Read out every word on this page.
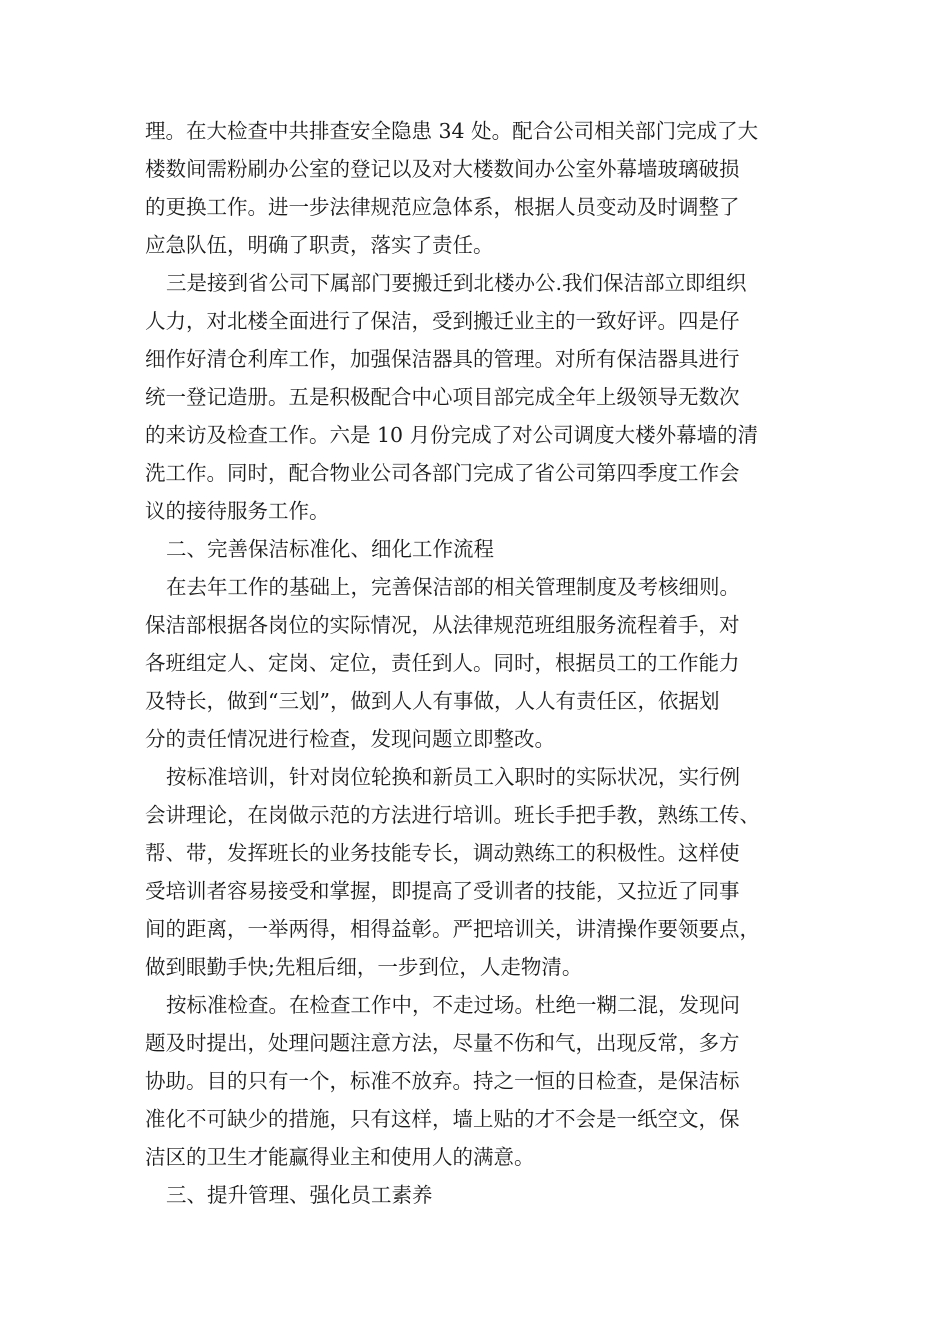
理。在大检查中共排查安全隐患 34 处。配合公司相关部门完成了大
楼数间需粉刷办公室的登记以及对大楼数间办公室外幕墙玻璃破损
的更换工作。进一步法律规范应急体系，根据人员变动及时调整了
应急队伍，明确了职责，落实了责任。
三是接到省公司下属部门要搬迁到北楼办公.我们保洁部立即组织
人力，对北楼全面进行了保洁，受到搬迁业主的一致好评。四是仔
细作好清仓利库工作，加强保洁器具的管理。对所有保洁器具进行
统一登记造册。五是积极配合中心项目部完成全年上级领导无数次
的来访及检查工作。六是 10 月份完成了对公司调度大楼外幕墙的清
洗工作。同时，配合物业公司各部门完成了省公司第四季度工作会
议的接待服务工作。
二、完善保洁标准化、细化工作流程
在去年工作的基础上，完善保洁部的相关管理制度及考核细则。
保洁部根据各岗位的实际情况，从法律规范班组服务流程着手，对
各班组定人、定岗、定位，责任到人。同时，根据员工的工作能力
及特长，做到“三划”，做到人人有事做，人人有责任区，依据划
分的责任情况进行检查，发现问题立即整改。
按标准培训，针对岗位轮换和新员工入职时的实际状况，实行例
会讲理论，在岗做示范的方法进行培训。班长手把手教，熟练工传、
帮、带，发挥班长的业务技能专长，调动熟练工的积极性。这样使
受培训者容易接受和掌握，即提高了受训者的技能，又拉近了同事
间的距离，一举两得，相得益彰。严把培训关，讲清操作要领要点，
做到眼勤手快;先粗后细，一步到位，人走物清。
按标准检查。在检查工作中，不走过场。杜绝一糊二混，发现问
题及时提出，处理问题注意方法，尽量不伤和气，出现反常，多方
协助。目的只有一个，标准不放弃。持之一恒的日检查，是保洁标
准化不可缺少的措施，只有这样，墙上贴的才不会是一纸空文，保
洁区的卫生才能赢得业主和使用人的满意。
三、提升管理、强化员工素养
